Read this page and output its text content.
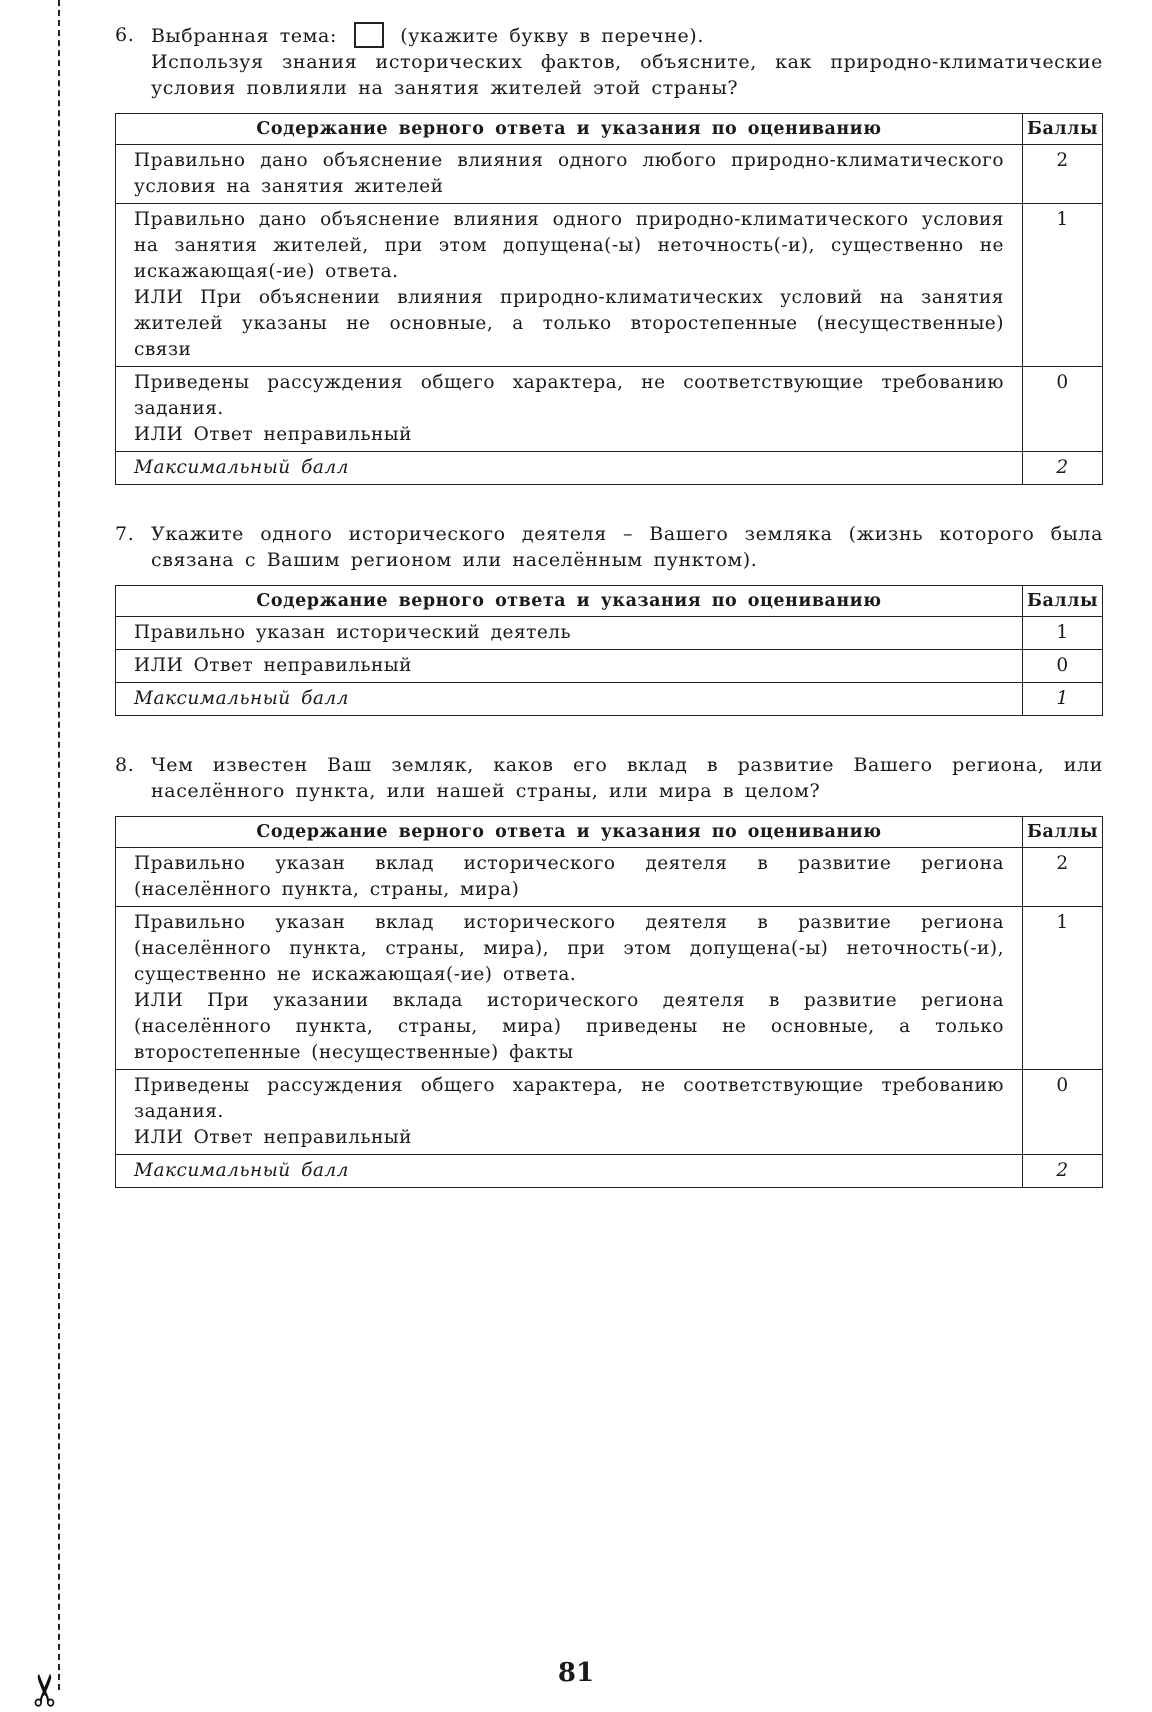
✂
6. Выбранная тема:	(укажите букву в перечне).

Используя знания исторических фактов, объясните, как природно-климатические условия повлияли на занятия жителей этой страны?

Содержание верного ответа и указания по оцениванию	Баллы

Правильно дано объяснение влияния одного любого природно-климатического условия на занятия жителей	2

Правильно дано объяснение влияния одного природно-климатического условия на занятия жителей, при этом допущена(-ы) неточность(-и), существенно не искажающая(-ие) ответа.

ИЛИ При объяснении влияния природно-климатических условий на занятия жителей указаны не основные, а только второстепенные (несущественные) связи	1

Приведены рассуждения общего характера, не соответствующие требованию задания.

ИЛИ Ответ неправильный	0
Максимальный балл	2
7. Укажите одного исторического деятеля – Вашего земляка (жизнь которого была связана с Вашим регионом или населённым пунктом).

Содержание верного ответа и указания по оцениванию	Баллы

Правильно указан исторический деятель	1

ИЛИ Ответ неправильный	0
Максимальный балл	1
8. Чем известен Ваш земляк, каков его вклад в развитие Вашего региона, или населённого пункта, или нашей страны, или мира в целом?

Содержание верного ответа и указания по оцениванию	Баллы

Правильно указан вклад исторического деятеля в развитие региона (населённого пункта, страны, мира)	2

Правильно указан вклад исторического деятеля в развитие региона (населённого пункта, страны, мира), при этом допущена(-ы) неточность(-и), существенно не искажающая(-ие) ответа.

ИЛИ При указании вклада исторического деятеля в развитие региона (населённого пункта, страны, мира) приведены не основные, а только второстепенные (несущественные) факты	1

Приведены рассуждения общего характера, не соответствующие требованию задания.

ИЛИ Ответ неправильный	0
Максимальный балл	2
81
